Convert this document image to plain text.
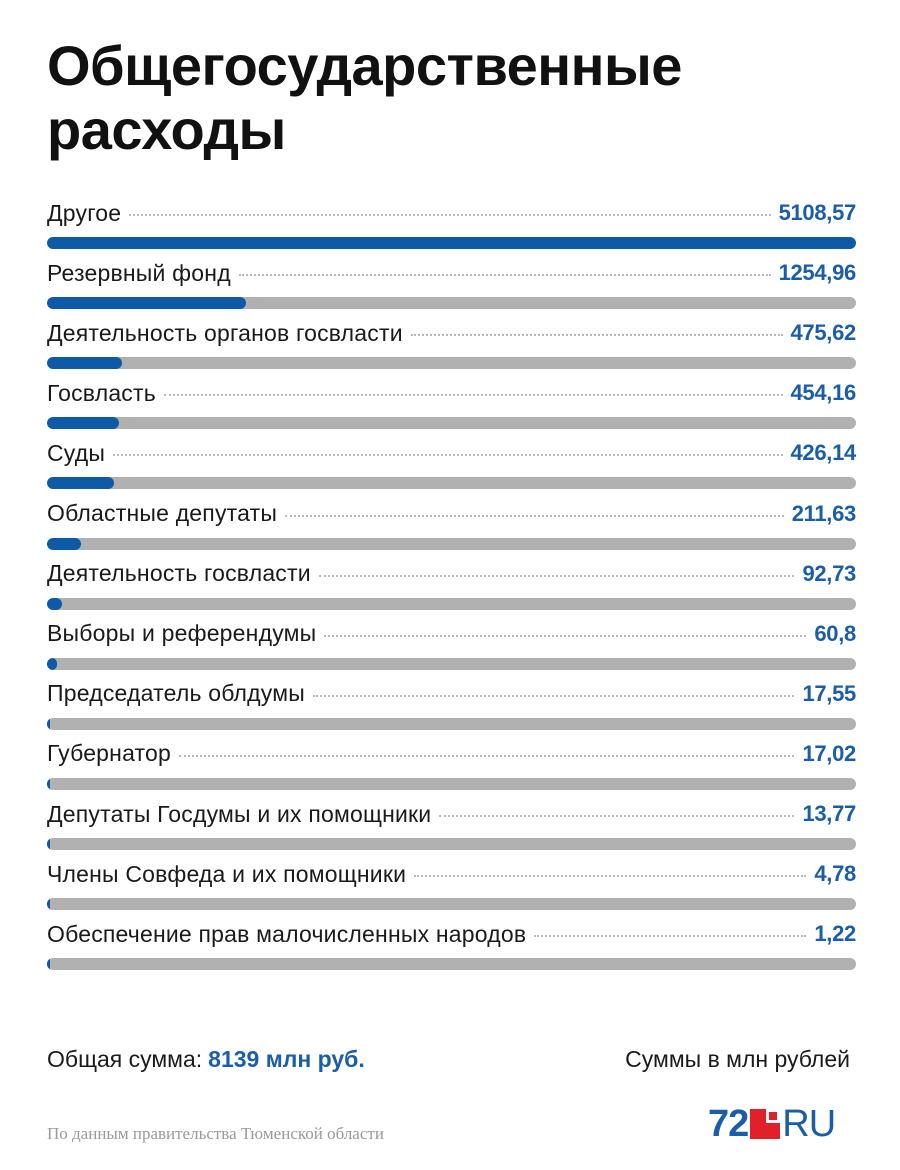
Общегосударственные расходы
Другое	5108,57
Резервный фонд	1254,96
Деятельность органов госвласти	475,62
Госвласть	454,16
Суды	426,14
Областные депутаты	211,63
Деятельность госвласти	92,73
Выборы и референдумы	60,8
Председатель облдумы	17,55
Губернатор	17,02
Депутаты Госдумы и их помощники	13,77
Члены Совфеда и их помощники	4,78
Обеспечение прав малочисленных народов	1,22
Общая сумма: 8139 млн руб.	Суммы в млн рублей
По данным правительства Тюменской области	72 RU
